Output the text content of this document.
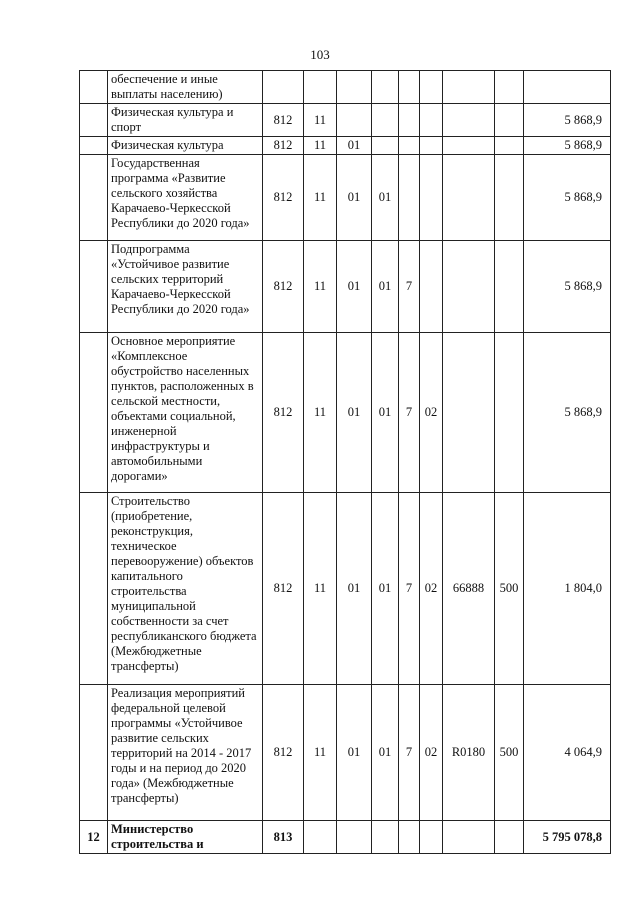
103
	обеспечение и иные выплаты населению)									
	Физическая культура и спорт	812	11							5 868,9
	Физическая культура	812	11	01						5 868,9
	Государственная программа «Развитие сельского хозяйства Карачаево-Черкесской Республики до 2020 года»	812	11	01	01					5 868,9
	Подпрограмма «Устойчивое развитие сельских территорий Карачаево-Черкесской Республики до 2020 года»	812	11	01	01	7				5 868,9
	Основное мероприятие «Комплексное обустройство населенных пунктов, расположенных в сельской местности, объектами социальной, инженерной инфраструктуры и автомобильными дорогами»	812	11	01	01	7	02			5 868,9
	Строительство (приобретение, реконструкция, техническое перевооружение) объектов капитального строительства муниципальной собственности за счет республиканского бюджета (Межбюджетные трансферты)	812	11	01	01	7	02	66888	500	1 804,0
	Реализация мероприятий федеральной целевой программы «Устойчивое развитие сельских территорий на 2014 - 2017 годы и на период до 2020 года» (Межбюджетные трансферты)	812	11	01	01	7	02	R0180	500	4 064,9
12	Министерство строительства и	813								5 795 078,8
